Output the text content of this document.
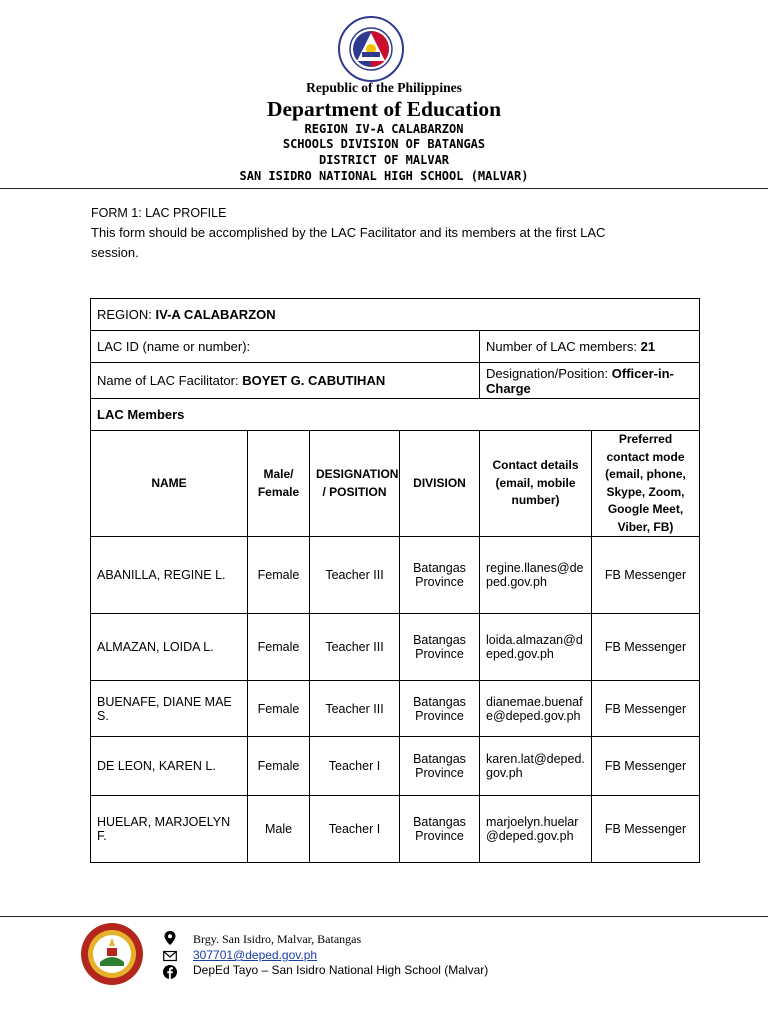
Republic of the Philippines
Department of Education
REGION IV-A CALABARZON
SCHOOLS DIVISION OF BATANGAS
DISTRICT OF MALVAR
SAN ISIDRO NATIONAL HIGH SCHOOL (MALVAR)
FORM 1: LAC PROFILE
This form should be accomplished by the LAC Facilitator and its members at the first LAC session.
REGION: IV-A CALABARZON					
LAC ID (name or number):				Number of LAC members: 21	
Name of LAC Facilitator: BOYET G. CABUTIHAN				Designation/Position: Officer-in-Charge	
LAC Members					
NAME	Male/ Female	DESIGNATION / POSITION	DIVISION	Contact details (email, mobile number)	Preferred contact mode (email, phone, Skype, Zoom, Google Meet, Viber, FB)
ABANILLA, REGINE L.	Female	Teacher III	Batangas Province	regine.llanes@deped.gov.ph	FB Messenger
ALMAZAN, LOIDA L.	Female	Teacher III	Batangas Province	loida.almazan@deped.gov.ph	FB Messenger
BUENAFE, DIANE MAE S.	Female	Teacher III	Batangas Province	dianemae.buenafe@deped.gov.ph	FB Messenger
DE LEON, KAREN L.	Female	Teacher I	Batangas Province	karen.lat@deped.gov.ph	FB Messenger
HUELAR, MARJOELYN F.	Male	Teacher I	Batangas Province	marjoelyn.huelar@deped.gov.ph	FB Messenger
Brgy. San Isidro, Malvar, Batangas
307701@deped.gov.ph
DepEd Tayo – San Isidro National High School (Malvar)
